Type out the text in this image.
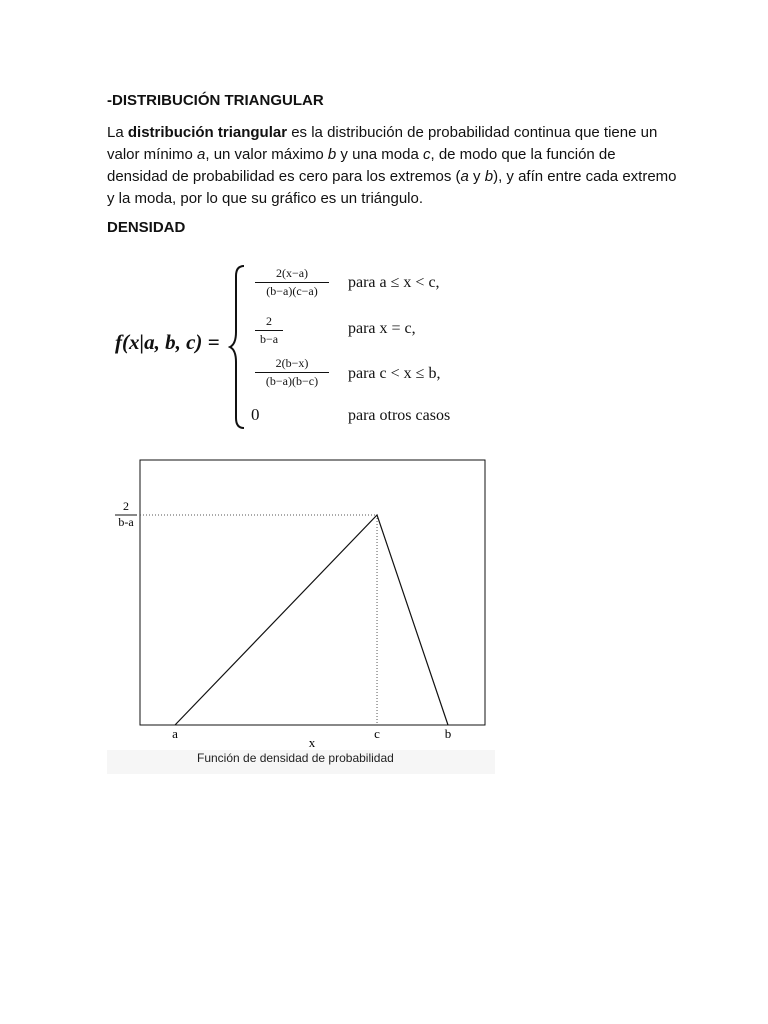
-DISTRIBUCIÓN TRIANGULAR

La distribución triangular es la distribución de probabilidad continua que tiene un valor mínimo a, un valor máximo b y una moda c, de modo que la función de densidad de probabilidad es cero para los extremos (a y b), y afín entre cada extremo y la moda, por lo que su gráfico es un triángulo.

DENSIDAD
f(x|a, b, c) =
$\frac{2(x-a)}{(b-a)(c-a)}$ para a ≤ x < c,
$\frac{2}{b-a}$	para x = c,
$\frac{2(b-x)}{(b-a)(b-c)}$ para c < x ≤ b,
0	para otros casos
2
b-a
a	c	b
x
Función de densidad de probabilidad
